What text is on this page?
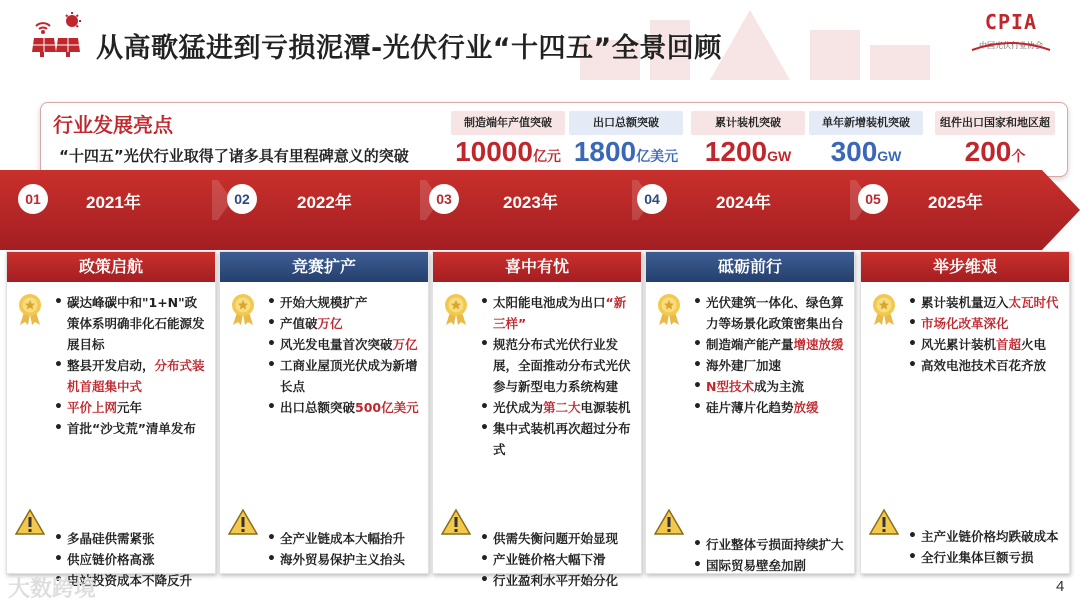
从高歌猛进到亏损泥潭-光伏行业“十四五”全景回顾
CPIA
中国光伏行业协会
行业发展亮点
“十四五”光伏行业取得了诸多具有里程碑意义的突破
制造端年产值突破
10000亿元
出口总额突破
1800亿美元
累计装机突破
1200GW
单年新增装机突破
300GW
组件出口国家和地区超
200个
01	2021年	02	2022年	03	2023年	04	2024年	05	2025年
政策启航
• 碳达峰碳中和"1+N"政策体系明确非化石能源发展目标
• 整县开发启动，分布式装机首超集中式
• 平价上网元年
• 首批“沙戈荒”清单发布
• 多晶硅供需紧张
• 供应链价格高涨
• 电站投资成本不降反升
竞赛扩产
• 开始大规模扩产
• 产值破万亿
• 风光发电量首次突破万亿
• 工商业屋顶光伏成为新增长点
• 出口总额突破500亿美元
• 全产业链成本大幅抬升
• 海外贸易保护主义抬头
喜中有忧
• 太阳能电池成为出口“新三样”
• 规范分布式光伏行业发展，全面推动分布式光伏参与新型电力系统构建
• 光伏成为第二大电源装机
• 集中式装机再次超过分布式
• 供需失衡问题开始显现
• 产业链价格大幅下滑
• 行业盈利水平开始分化
砥砺前行
• 光伏建筑一体化、绿色算力等场景化政策密集出台
• 制造端产能产量增速放缓
• 海外建厂加速
• N型技术成为主流
• 硅片薄片化趋势放缓
• 行业整体亏损面持续扩大
• 国际贸易壁垒加剧
举步维艰
• 累计装机量迈入太瓦时代
• 市场化改革深化
• 风光累计装机首超火电
• 高效电池技术百花齐放
• 主产业链价格均跌破成本
• 全行业集体巨额亏损
大数跨境	4
